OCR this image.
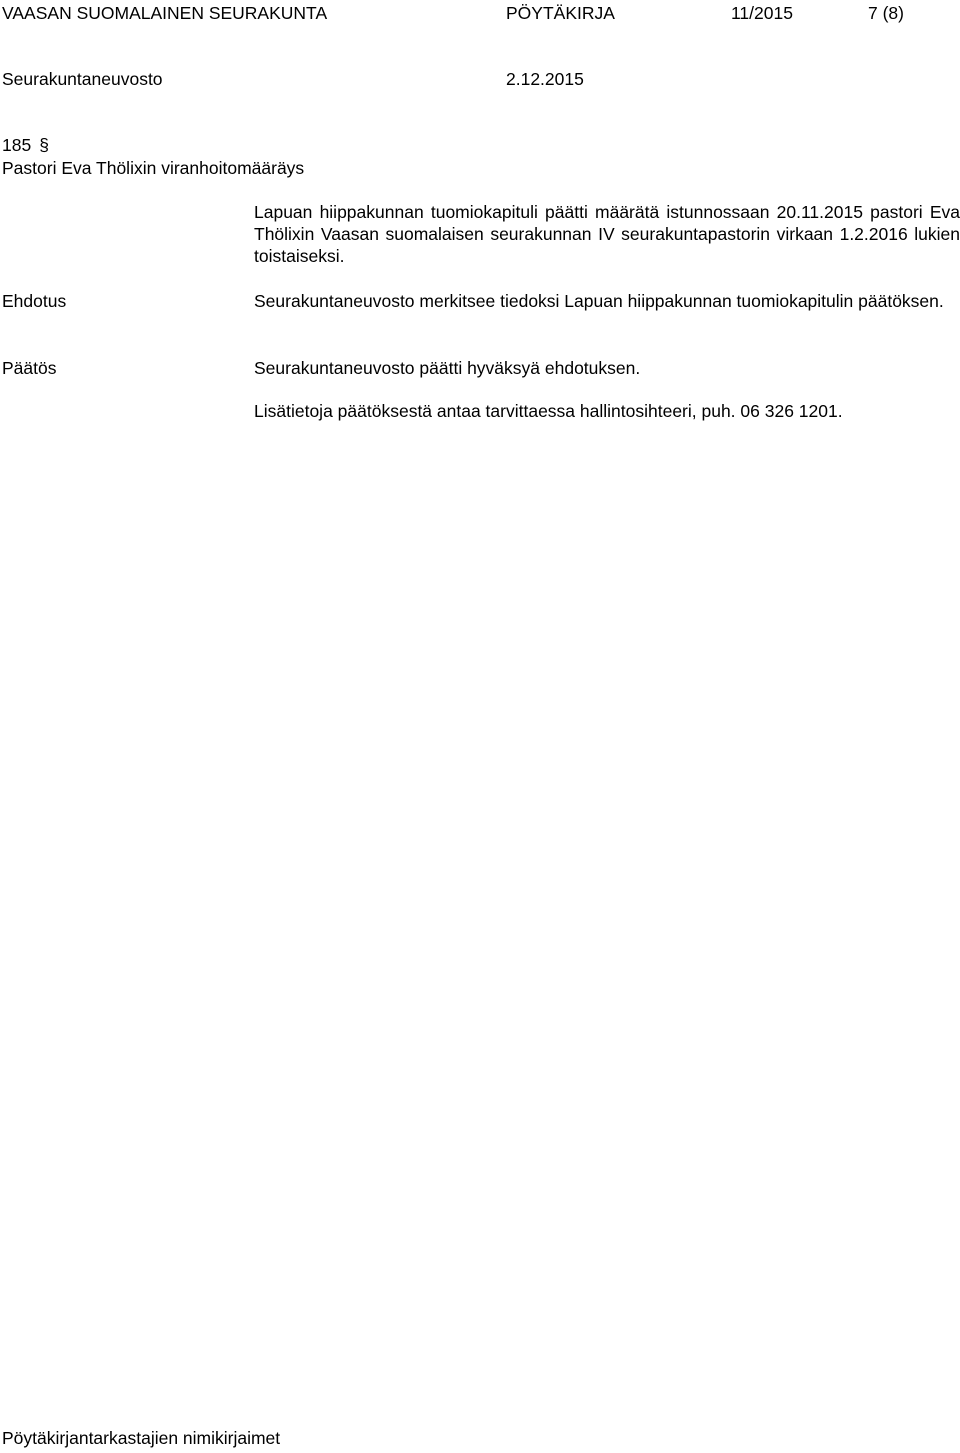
VAASAN SUOMALAINEN SEURAKUNTA	PÖYTÄKIRJA	11/2015	7 (8)

Seurakuntaneuvosto	2.12.2015

185 §

Pastori Eva Thölixin viranhoitomääräys

Lapuan hiippakunnan tuomiokapituli päätti määrätä istunnossaan 20.11.2015 pastori Eva Thölixin Vaasan suomalaisen seurakunnan IV seurakuntapastorin virkaan 1.2.2016 lukien toistaiseksi.

Ehdotus	Seurakuntaneuvosto merkitsee tiedoksi Lapuan hiippakunnan tuomiokapitulin päätöksen.

Päätös	Seurakuntaneuvosto päätti hyväksyä ehdotuksen.

Lisätietoja päätöksestä antaa tarvittaessa hallintosihteeri, puh. 06 326 1201.

Pöytäkirjantarkastajien nimikirjaimet
